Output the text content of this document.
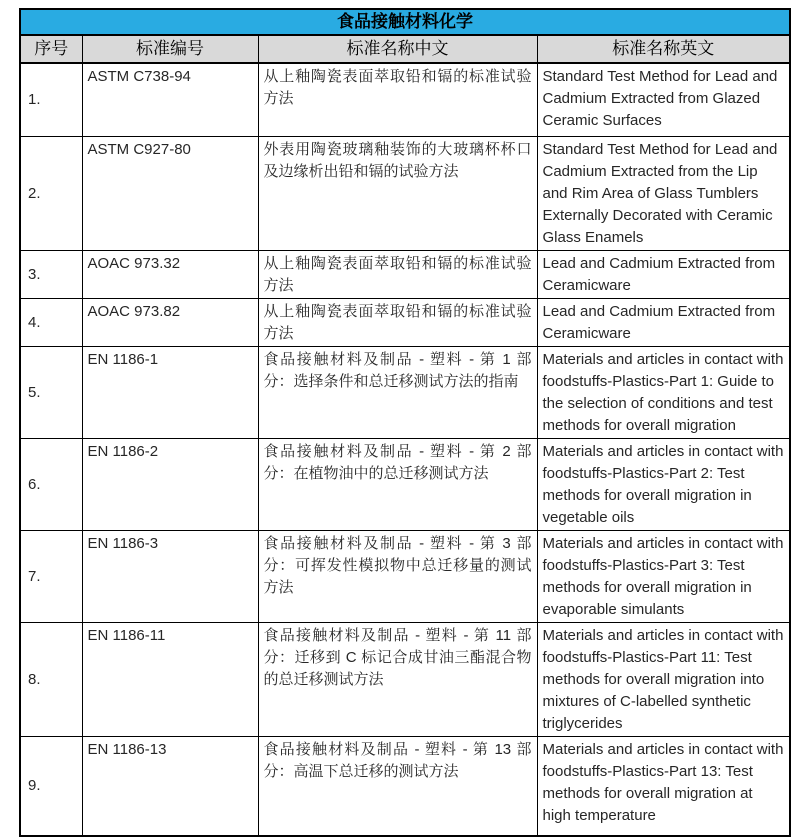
食品接触材料化学			
序号	标准编号	标准名称中文	标准名称英文
1.	ASTM C738-94	从上釉陶瓷表面萃取铅和镉的标准试验方法	Standard Test Method for Lead and Cadmium Extracted from Glazed Ceramic Surfaces
2.	ASTM C927-80	外表用陶瓷玻璃釉装饰的大玻璃杯杯口及边缘析出铅和镉的试验方法	Standard Test Method for Lead and Cadmium Extracted from the Lip and Rim Area of Glass Tumblers Externally Decorated with Ceramic Glass Enamels
3.	AOAC 973.32	从上釉陶瓷表面萃取铅和镉的标准试验方法	Lead and Cadmium Extracted from Ceramicware
4.	AOAC 973.82	从上釉陶瓷表面萃取铅和镉的标准试验方法	Lead and Cadmium Extracted from Ceramicware
5.	EN 1186-1	食品接触材料及制品 - 塑料 - 第 1 部分：选择条件和总迁移测试方法的指南	Materials and articles in contact with foodstuffs-Plastics-Part 1: Guide to the selection of conditions and test methods for overall migration
6.	EN 1186-2	食品接触材料及制品 - 塑料 - 第 2 部分：在植物油中的总迁移测试方法	Materials and articles in contact with foodstuffs-Plastics-Part 2: Test methods for overall migration in vegetable oils
7.	EN 1186-3	食品接触材料及制品 - 塑料 - 第 3 部分：可挥发性模拟物中总迁移量的测试方法	Materials and articles in contact with foodstuffs-Plastics-Part 3: Test methods for overall migration in evaporable simulants
8.	EN 1186-11	食品接触材料及制品 - 塑料 - 第 11 部分：迁移到 C 标记合成甘油三酯混合物的总迁移测试方法	Materials and articles in contact with foodstuffs-Plastics-Part 11: Test methods for overall migration into mixtures of C-labelled synthetic triglycerides
9.	EN 1186-13	食品接触材料及制品 - 塑料 - 第 13 部分：高温下总迁移的测试方法	Materials and articles in contact with foodstuffs-Plastics-Part 13: Test methods for overall migration at high temperature
